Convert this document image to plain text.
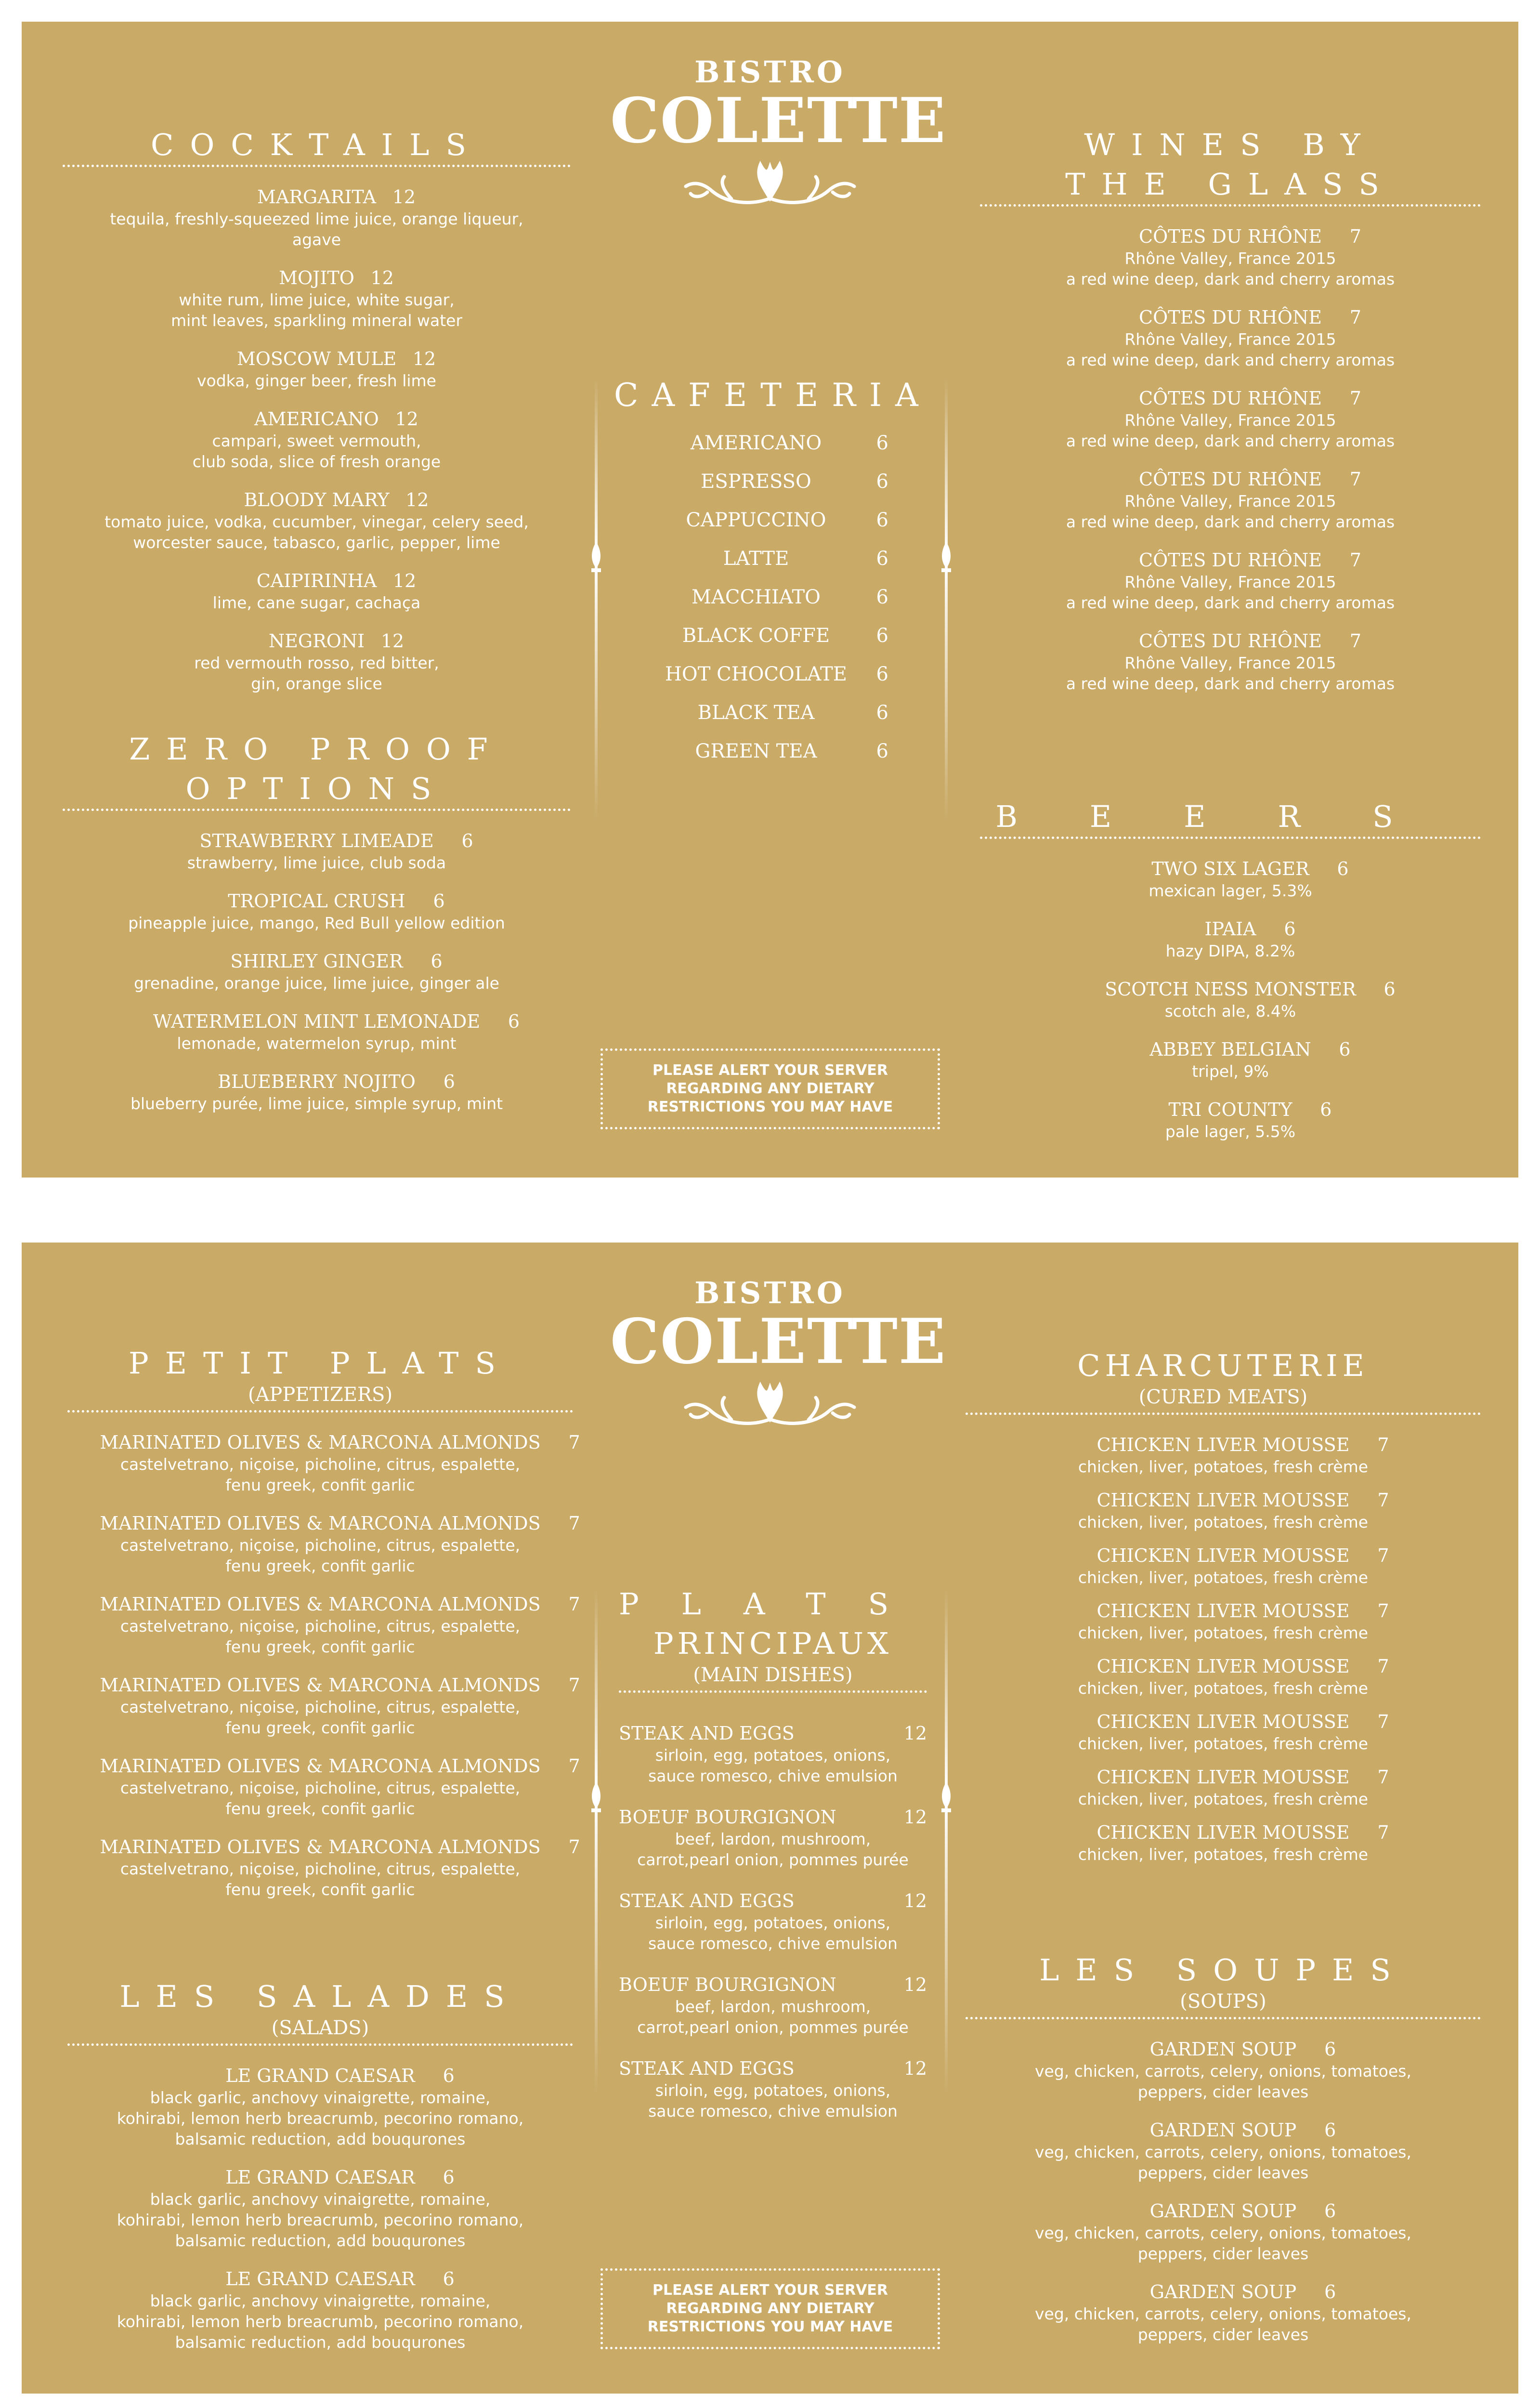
BISTRO
COLETTE
COCKTAILS
MARGARITA 12
tequila, freshly-squeezed lime juice, orange liqueur,
agave
MOJITO 12
white rum, lime juice, white sugar,
mint leaves, sparkling mineral water
MOSCOW MULE 12
vodka, ginger beer, fresh lime
AMERICANO 12
campari, sweet vermouth,
club soda, slice of fresh orange
BLOODY MARY 12
tomato juice, vodka, cucumber, vinegar, celery seed,
worcester sauce, tabasco, garlic, pepper, lime
CAIPIRINHA 12
lime, cane sugar, cachaça
NEGRONI 12
red vermouth rosso, red bitter,
gin, orange slice
ZERO PROOF
OPTIONS
STRAWBERRY LIMEADE 6
strawberry, lime juice, club soda
TROPICAL CRUSH 6
pineapple juice, mango, Red Bull yellow edition
SHIRLEY GINGER 6
grenadine, orange juice, lime juice, ginger ale
WATERMELON MINT LEMONADE 6
lemonade, watermelon syrup, mint
BLUEBERRY NOJITO 6
blueberry purée, lime juice, simple syrup, mint
CAFETERIA
AMERICANO	6
ESPRESSO	6
CAPPUCCINO	6
LATTE	6
MACCHIATO	6
BLACK COFFE	6
HOT CHOCOLATE	6
BLACK TEA	6
GREEN TEA	6
PLEASE ALERT YOUR SERVER
REGARDING ANY DIETARY
RESTRICTIONS YOU MAY HAVE
WINES BY
THE GLASS
CÔTES DU RHÔNE 7
Rhône Valley, France 2015
a red wine deep, dark and cherry aromas
CÔTES DU RHÔNE 7
Rhône Valley, France 2015
a red wine deep, dark and cherry aromas
CÔTES DU RHÔNE 7
Rhône Valley, France 2015
a red wine deep, dark and cherry aromas
CÔTES DU RHÔNE 7
Rhône Valley, France 2015
a red wine deep, dark and cherry aromas
CÔTES DU RHÔNE 7
Rhône Valley, France 2015
a red wine deep, dark and cherry aromas
CÔTES DU RHÔNE 7
Rhône Valley, France 2015
a red wine deep, dark and cherry aromas
BEERS
TWO SIX LAGER 6
mexican lager, 5.3%
IPAIA 6
hazy DIPA, 8.2%
SCOTCH NESS MONSTER 6
scotch ale, 8.4%
ABBEY BELGIAN 6
tripel, 9%
TRI COUNTY 6
pale lager, 5.5%
BISTRO
COLETTE
PETIT PLATS
(APPETIZERS)
MARINATED OLIVES & MARCONA ALMONDS 7
castelvetrano, niçoise, picholine, citrus, espalette,
fenu greek, confit garlic
MARINATED OLIVES & MARCONA ALMONDS 7
castelvetrano, niçoise, picholine, citrus, espalette,
fenu greek, confit garlic
MARINATED OLIVES & MARCONA ALMONDS 7
castelvetrano, niçoise, picholine, citrus, espalette,
fenu greek, confit garlic
MARINATED OLIVES & MARCONA ALMONDS 7
castelvetrano, niçoise, picholine, citrus, espalette,
fenu greek, confit garlic
MARINATED OLIVES & MARCONA ALMONDS 7
castelvetrano, niçoise, picholine, citrus, espalette,
fenu greek, confit garlic
MARINATED OLIVES & MARCONA ALMONDS 7
castelvetrano, niçoise, picholine, citrus, espalette,
fenu greek, confit garlic
LES SALADES
(SALADS)
LE GRAND CAESAR 6
black garlic, anchovy vinaigrette, romaine,
kohirabi, lemon herb breacrumb, pecorino romano,
balsamic reduction, add bouqurones
LE GRAND CAESAR 6
black garlic, anchovy vinaigrette, romaine,
kohirabi, lemon herb breacrumb, pecorino romano,
balsamic reduction, add bouqurones
LE GRAND CAESAR 6
black garlic, anchovy vinaigrette, romaine,
kohirabi, lemon herb breacrumb, pecorino romano,
balsamic reduction, add bouqurones
PLATS
PRINCIPAUX
(MAIN DISHES)
STEAK AND EGGS	12
sirloin, egg, potatoes, onions,
sauce romesco, chive emulsion
BOEUF BOURGIGNON	12
beef, lardon, mushroom,
carrot,pearl onion, pommes purée
STEAK AND EGGS	12
sirloin, egg, potatoes, onions,
sauce romesco, chive emulsion
BOEUF BOURGIGNON	12
beef, lardon, mushroom,
carrot,pearl onion, pommes purée
STEAK AND EGGS	12
sirloin, egg, potatoes, onions,
sauce romesco, chive emulsion
PLEASE ALERT YOUR SERVER
REGARDING ANY DIETARY
RESTRICTIONS YOU MAY HAVE
CHARCUTERIE
(CURED MEATS)
CHICKEN LIVER MOUSSE 7
chicken, liver, potatoes, fresh crème
CHICKEN LIVER MOUSSE 7
chicken, liver, potatoes, fresh crème
CHICKEN LIVER MOUSSE 7
chicken, liver, potatoes, fresh crème
CHICKEN LIVER MOUSSE 7
chicken, liver, potatoes, fresh crème
CHICKEN LIVER MOUSSE 7
chicken, liver, potatoes, fresh crème
CHICKEN LIVER MOUSSE 7
chicken, liver, potatoes, fresh crème
CHICKEN LIVER MOUSSE 7
chicken, liver, potatoes, fresh crème
CHICKEN LIVER MOUSSE 7
chicken, liver, potatoes, fresh crème
LES SOUPES
(SOUPS)
GARDEN SOUP 6
veg, chicken, carrots, celery, onions, tomatoes,
peppers, cider leaves
GARDEN SOUP 6
veg, chicken, carrots, celery, onions, tomatoes,
peppers, cider leaves
GARDEN SOUP 6
veg, chicken, carrots, celery, onions, tomatoes,
peppers, cider leaves
GARDEN SOUP 6
veg, chicken, carrots, celery, onions, tomatoes,
peppers, cider leaves
